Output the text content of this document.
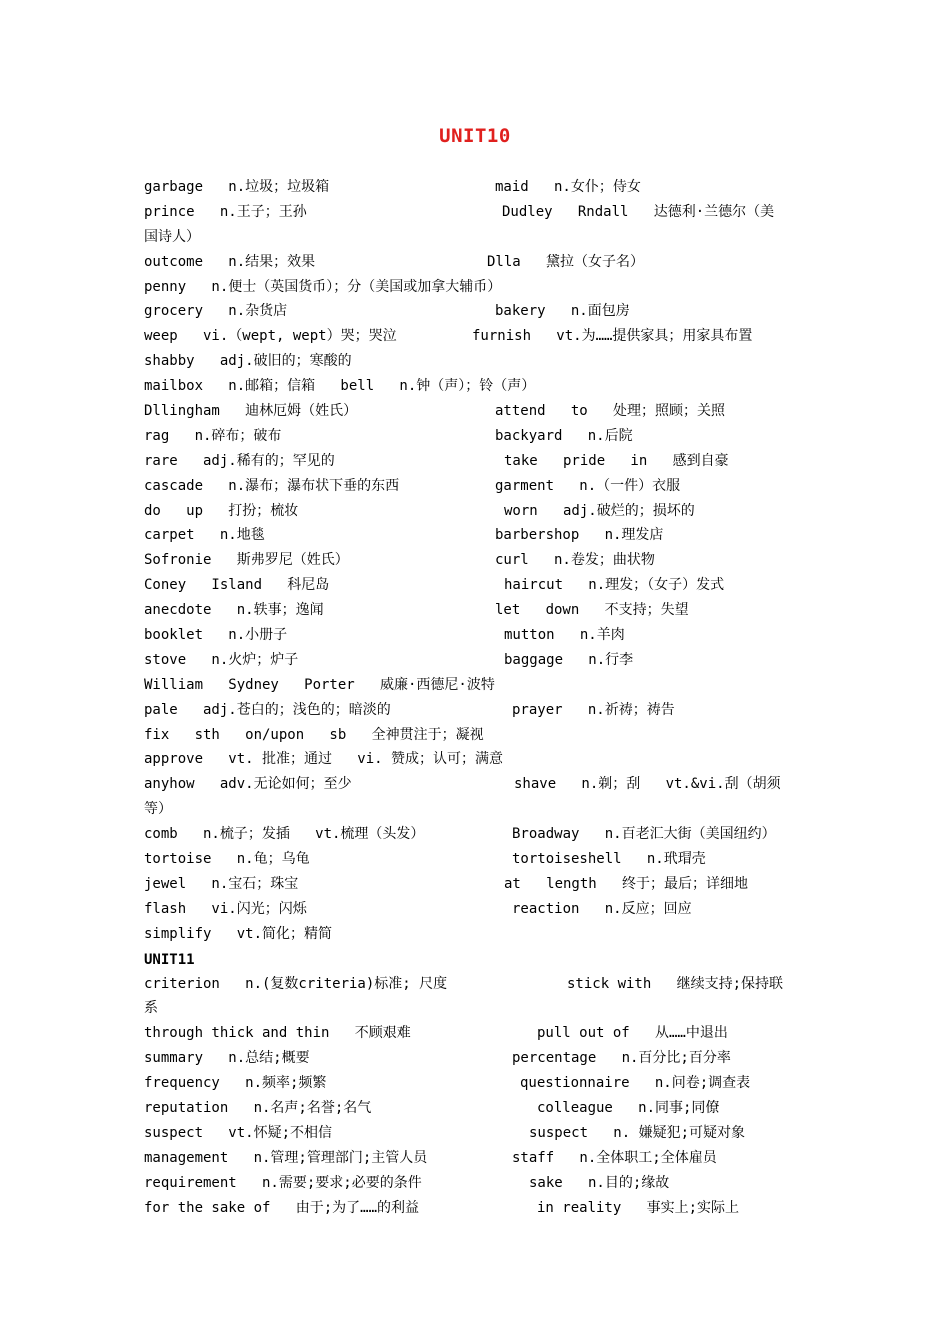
UNIT10
garbage   n.垃圾；垃圾箱	maid   n.女仆；侍女
prince   n.王子；王孙	Dudley   Rndall   达德利·兰德尔（美
国诗人）
outcome   n.结果；效果	Dlla   黛拉（女子名）
penny   n.便士（英国货币）；分（美国或加拿大辅币）
grocery   n.杂货店	bakery   n.面包房
weep   vi.（wept, wept）哭；哭泣	furnish   vt.为……提供家具；用家具布置
shabby   adj.破旧的；寒酸的
mailbox   n.邮箱；信箱   bell   n.钟（声）；铃（声）
Dllingham   迪林厄姆（姓氏）	attend   to   处理；照顾；关照
rag   n.碎布；破布	backyard   n.后院
rare   adj.稀有的；罕见的	take   pride   in   感到自豪
cascade   n.瀑布；瀑布状下垂的东西	garment   n.（一件）衣服
do   up   打扮；梳妆	worn   adj.破烂的；损坏的
carpet   n.地毯	barbershop   n.理发店
Sofronie   斯弗罗尼（姓氏）	curl   n.卷发；曲状物
Coney   Island   科尼岛	haircut   n.理发；（女子）发式
anecdote   n.轶事；逸闻	let   down   不支持；失望
booklet   n.小册子	mutton   n.羊肉
stove   n.火炉；炉子	baggage   n.行李
William   Sydney   Porter   威廉·西德尼·波特
pale   adj.苍白的；浅色的；暗淡的	prayer   n.祈祷；祷告
fix   sth   on/upon   sb   全神贯注于；凝视
approve   vt. 批准；通过   vi. 赞成；认可；满意
anyhow   adv.无论如何；至少	shave   n.剃；刮   vt.&vi.刮（胡须
等）
comb   n.梳子；发插   vt.梳理（头发）	Broadway   n.百老汇大街（美国纽约）
tortoise   n.龟；乌龟	tortoiseshell   n.玳瑁壳
jewel   n.宝石；珠宝	at   length   终于；最后；详细地
flash   vi.闪光；闪烁	reaction   n.反应；回应
simplify   vt.简化；精简
UNIT11
criterion   n.(复数criteria)标准; 尺度	stick with   继续支持;保持联
系
through thick and thin   不顾艰难	pull out of   从……中退出
summary   n.总结;概要	percentage   n.百分比;百分率
frequency   n.频率;频繁	questionnaire   n.问卷;调查表
reputation   n.名声;名誉;名气	colleague   n.同事;同僚
suspect   vt.怀疑;不相信	suspect   n. 嫌疑犯;可疑对象
management   n.管理;管理部门;主管人员	staff   n.全体职工;全体雇员
requirement   n.需要;要求;必要的条件	sake   n.目的;缘故
for the sake of   由于;为了……的利益	in reality   事实上;实际上
